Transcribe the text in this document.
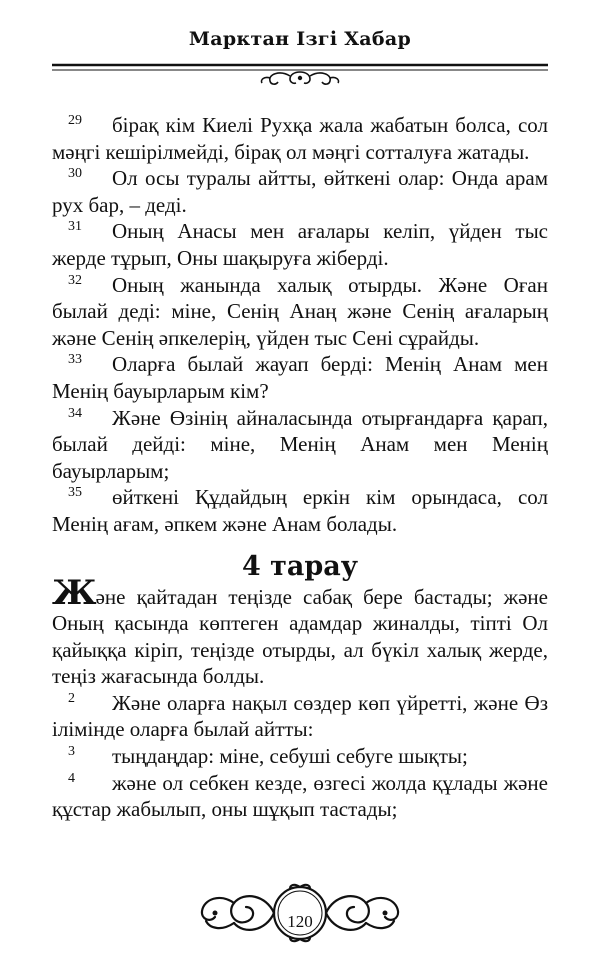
Марктан Ізгі Хабар

29 бірақ кім Киелі Рухқа жала жабатын болса, сол мәңгі кешірілмейді, бірақ ол мәңгі сотталуға жатады.

30 Ол осы туралы айтты, өйткені олар: Онда арам рух бар, – деді.

31 Оның Анасы мен ағалары келіп, үйден тыс жерде тұрып, Оны шақыруға жіберді.

32 Оның жанында халық отырды. Және Оған былай деді: міне, Сенің Анаң және Сенің ағаларың және Сенің әпкелерің, үйден тыс Сені сұрайды.

33 Оларға былай жауап берді: Менің Анам мен Менің бауырларым кім?

34 Және Өзінің айналасында отырғандарға қарап, былай дейді: міне, Менің Анам мен Менің бауырларым;

35 өйткені Құдайдың еркін кім орындаса, сол Менің ағам, әпкем және Анам болады.

4 тарау

Және қайтадан теңізде сабақ бере бастады; және Оның қасында көптеген адамдар жиналды, тіпті Ол қайыққа кіріп, теңізде отырды, ал бүкіл халық жерде, теңіз жағасында болды.

2 Және оларға нақыл сөздер көп үйретті, және Өз ілімінде оларға былай айтты:

3 тыңдаңдар: міне, себуші себуге шықты;

4 және ол себкен кезде, өзгесі жолда құлады және құстар жабылып, оны шұқып тастады;

120
